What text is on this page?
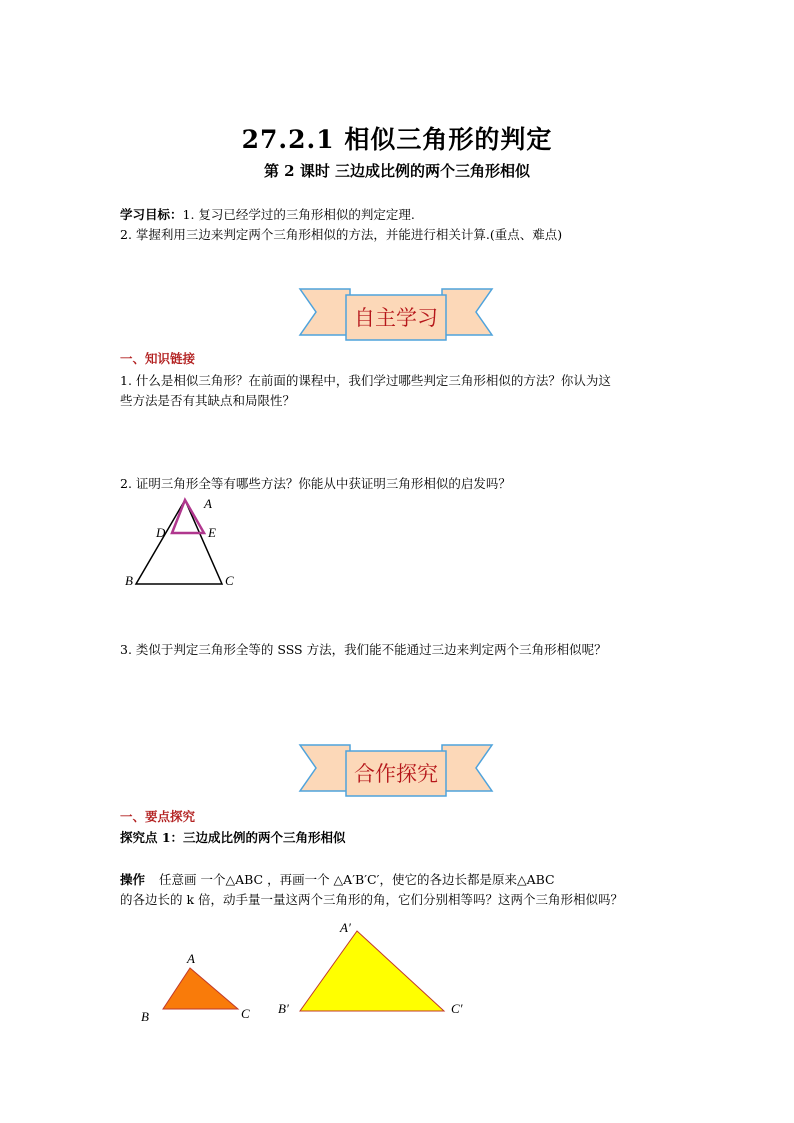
27.2.1 相似三角形的判定
第 2 课时 三边成比例的两个三角形相似
学习目标：1. 复习已经学过的三角形相似的判定定理.
2. 掌握利用三边来判定两个三角形相似的方法，并能进行相关计算.(重点、难点)
自主学习
一、知识链接
1. 什么是相似三角形？在前面的课程中，我们学过哪些判定三角形相似的方法？你认为这
些方法是否有其缺点和局限性？
2. 证明三角形全等有哪些方法？你能从中获证明三角形相似的启发吗？
A
D	E
B	C
3. 类似于判定三角形全等的 SSS 方法，我们能不能通过三边来判定两个三角形相似呢？
合作探究
一、要点探究
探究点 1：三边成比例的两个三角形相似
操作 任意画 一个△ABC ，再画一个 △A′B′C′，使它的各边长都是原来△ABC
的各边长的 k 倍，动手量一量这两个三角形的角，它们分别相等吗？这两个三角形相似吗？
A
B	C
A′
B′	C′
